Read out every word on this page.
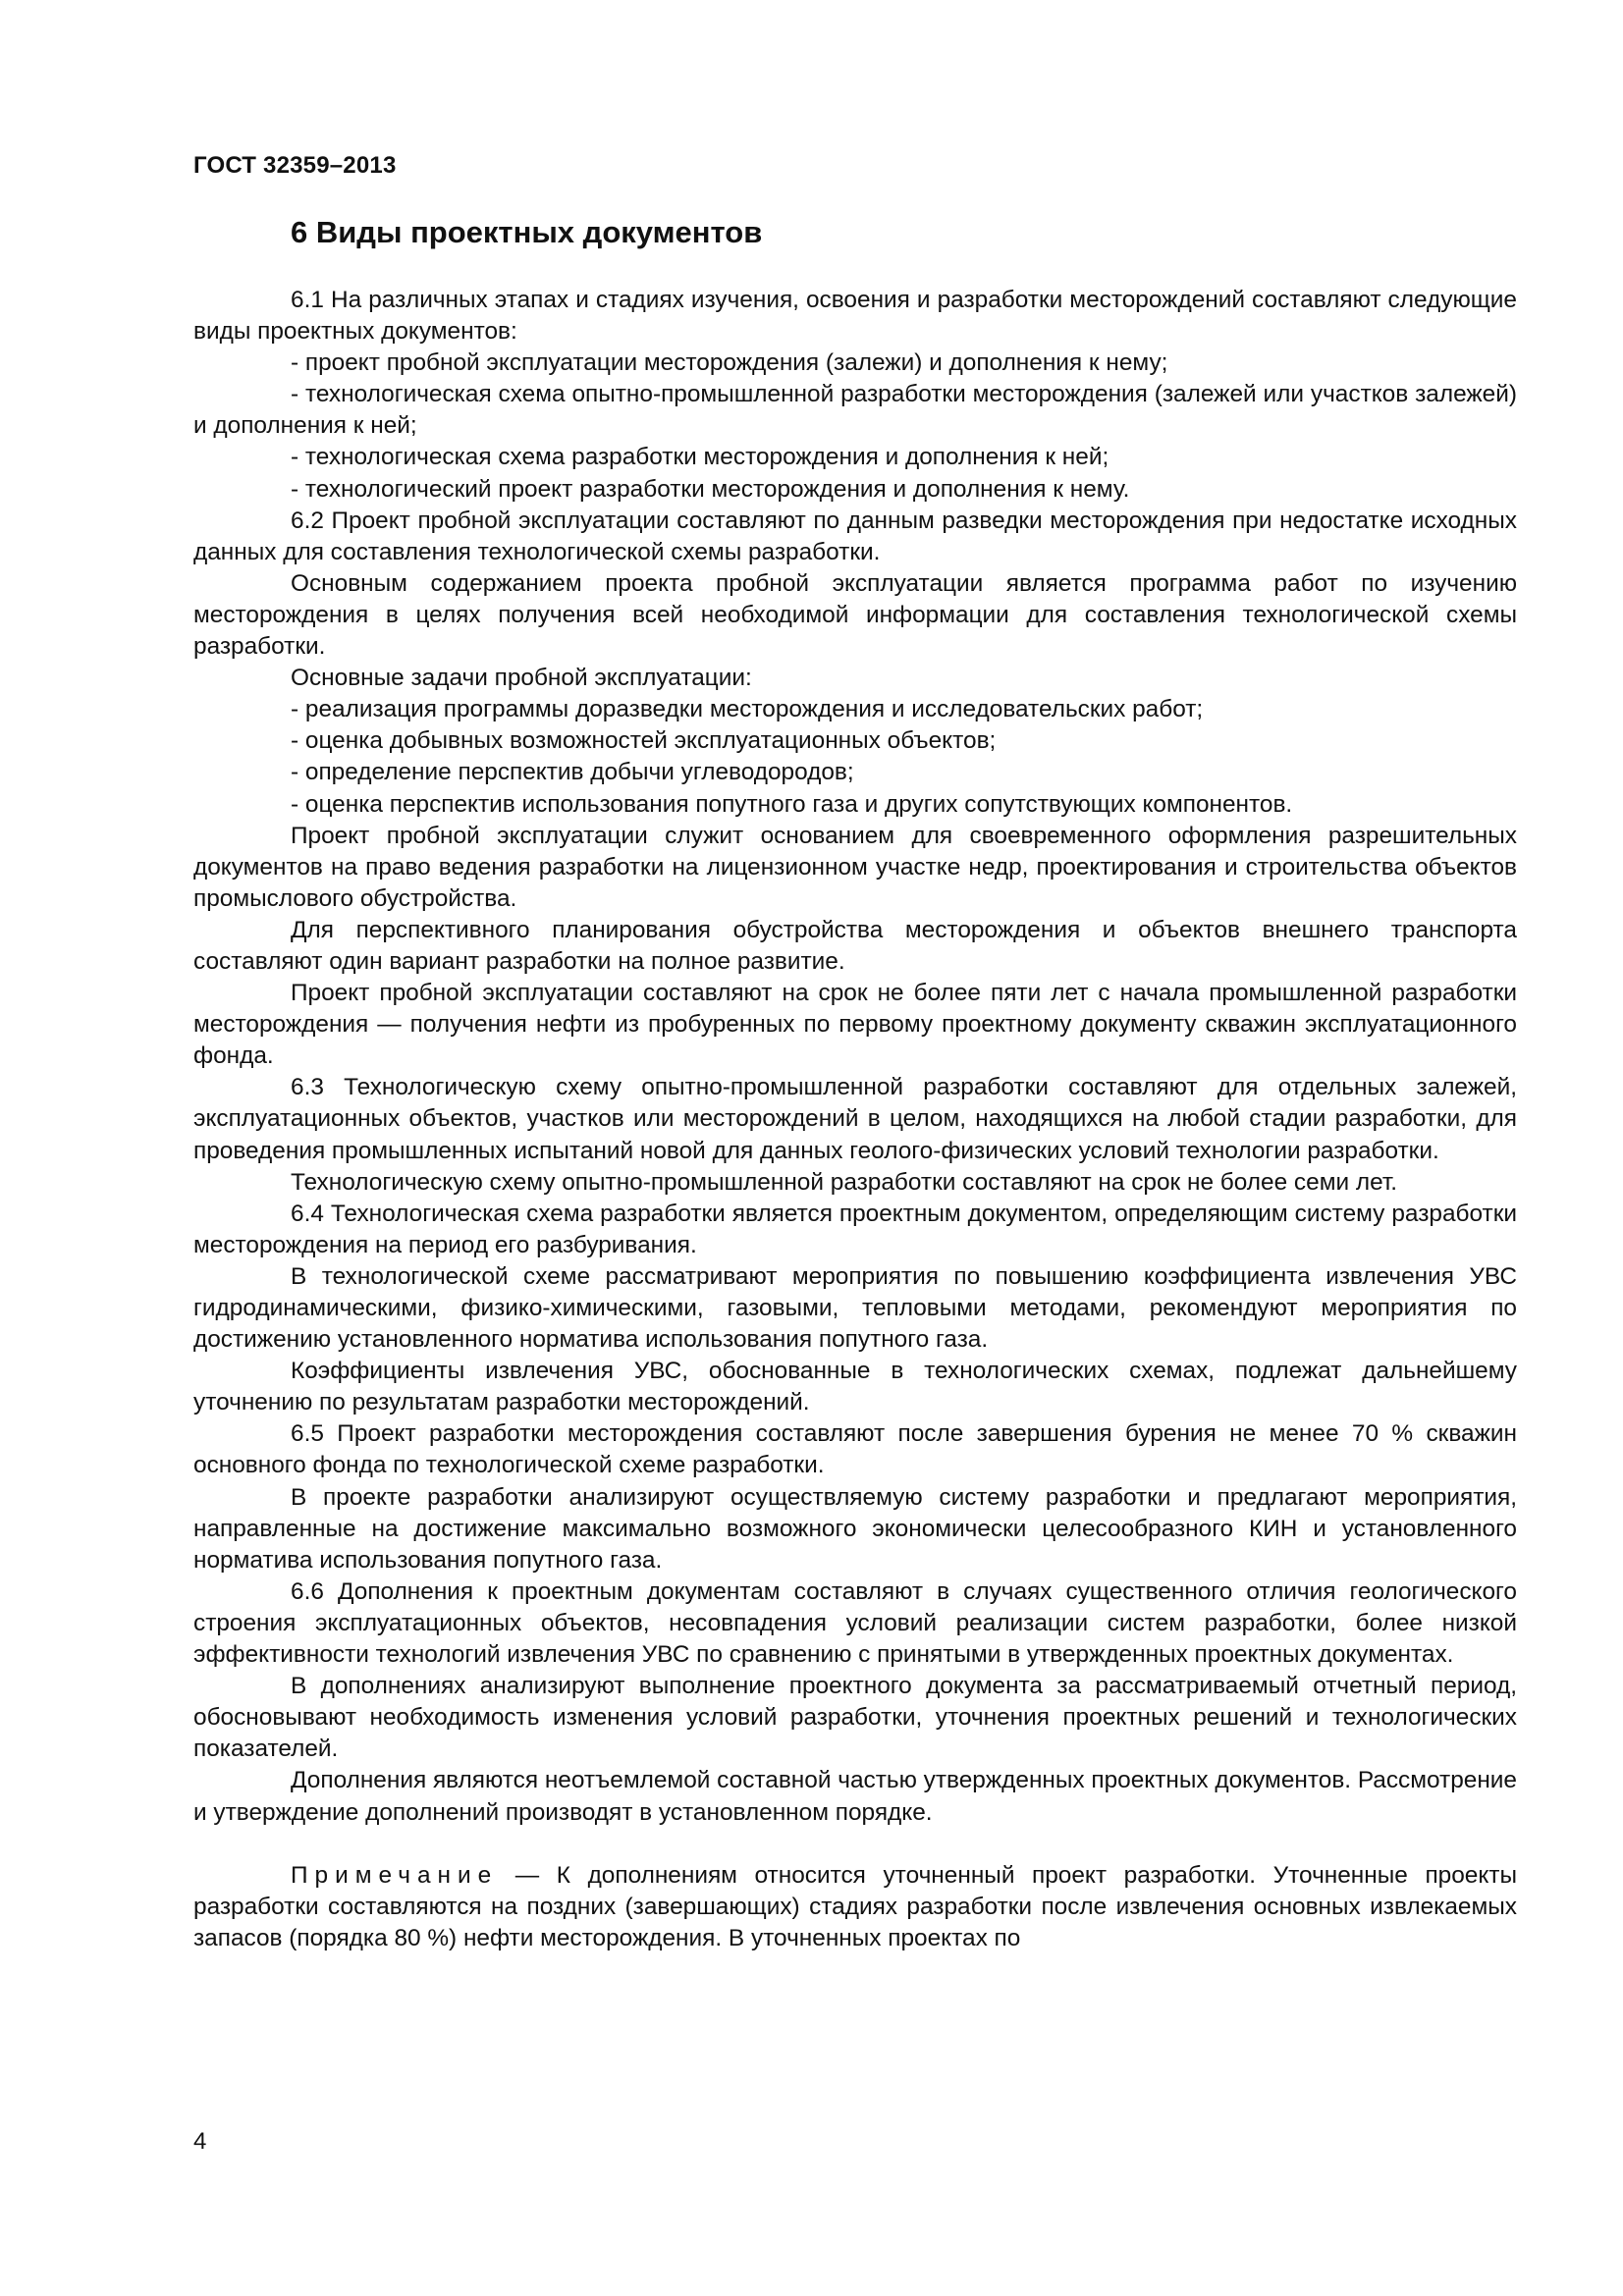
ГОСТ 32359–2013
6 Виды проектных документов

6.1 На различных этапах и стадиях изучения, освоения и разработки месторождений составляют следующие виды проектных документов:

- проект пробной эксплуатации месторождения (залежи) и дополнения к нему;

- технологическая схема опытно-промышленной разработки месторождения (залежей или участков залежей) и дополнения к ней;

- технологическая схема разработки месторождения и дополнения к ней;

- технологический проект разработки месторождения и дополнения к нему.

6.2 Проект пробной эксплуатации составляют по данным разведки месторождения при недостатке исходных данных для составления технологической схемы разработки.

Основным содержанием проекта пробной эксплуатации является программа работ по изучению месторождения в целях получения всей необходимой информации для составления технологической схемы разработки.

Основные задачи пробной эксплуатации:

- реализация программы доразведки месторождения и исследовательских работ;

- оценка добывных возможностей эксплуатационных объектов;

- определение перспектив добычи углеводородов;

- оценка перспектив использования попутного газа и других сопутствующих компонентов.

Проект пробной эксплуатации служит основанием для своевременного оформления разрешительных документов на право ведения разработки на лицензионном участке недр, проектирования и строительства объектов промыслового обустройства.

Для перспективного планирования обустройства месторождения и объектов внешнего транспорта составляют один вариант разработки на полное развитие.

Проект пробной эксплуатации составляют на срок не более пяти лет с начала промышленной разработки месторождения — получения нефти из пробуренных по первому проектному документу скважин эксплуатационного фонда.

6.3 Технологическую схему опытно-промышленной разработки составляют для отдельных залежей, эксплуатационных объектов, участков или месторождений в целом, находящихся на любой стадии разработки, для проведения промышленных испытаний новой для данных геолого-физических условий технологии разработки.

Технологическую схему опытно-промышленной разработки составляют на срок не более семи лет.

6.4 Технологическая схема разработки является проектным документом, определяющим систему разработки месторождения на период его разбуривания.

В технологической схеме рассматривают мероприятия по повышению коэффициента извлечения УВС гидродинамическими, физико-химическими, газовыми, тепловыми методами, рекомендуют мероприятия по достижению установленного норматива использования попутного газа.

Коэффициенты извлечения УВС, обоснованные в технологических схемах, подлежат дальнейшему уточнению по результатам разработки месторождений.

6.5 Проект разработки месторождения составляют после завершения бурения не менее 70 % скважин основного фонда по технологической схеме разработки.

В проекте разработки анализируют осуществляемую систему разработки и предлагают мероприятия, направленные на достижение максимально возможного экономически целесообразного КИН и установленного норматива использования попутного газа.

6.6 Дополнения к проектным документам составляют в случаях существенного отличия геологического строения эксплуатационных объектов, несовпадения условий реализации систем разработки, более низкой эффективности технологий извлечения УВС по сравнению с принятыми в утвержденных проектных документах.

В дополнениях анализируют выполнение проектного документа за рассматриваемый отчетный период, обосновывают необходимость изменения условий разработки, уточнения проектных решений и технологических показателей.

Дополнения являются неотъемлемой составной частью утвержденных проектных документов. Рассмотрение и утверждение дополнений производят в установленном порядке.

Примечание — К дополнениям относится уточненный проект разработки. Уточненные проекты разработки составляются на поздних (завершающих) стадиях разработки после извлечения основных извлекаемых запасов (порядка 80 %) нефти месторождения. В уточненных проектах по

4
